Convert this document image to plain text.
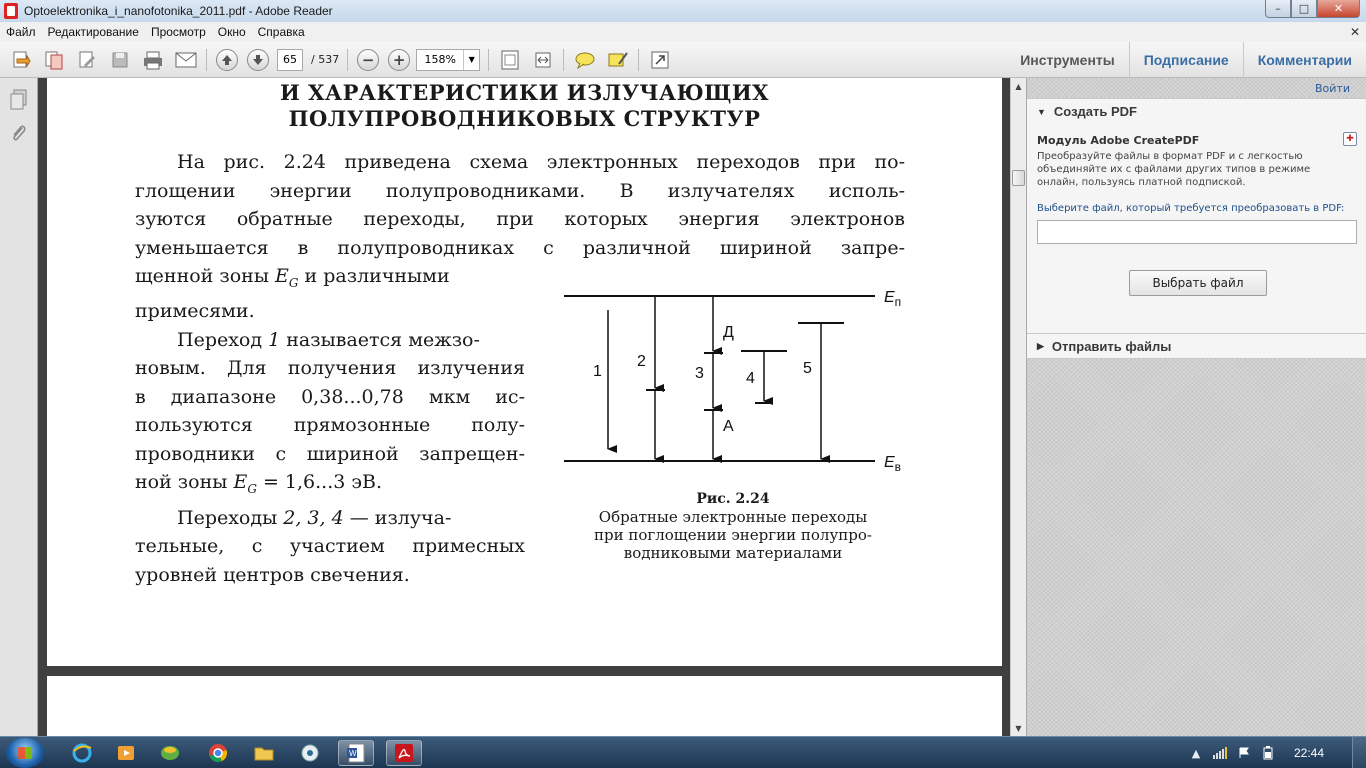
Optoelektronika_i_nanofotonika_2011.pdf - Adobe Reader	–	□	✕
Файл	Редактирование	Просмотр	Окно	Справка	✕
65	/ 537	−	+	158%	▼	Инструменты	Подписание	Комментарии
И ХАРАКТЕРИСТИКИ ИЗЛУЧАЮЩИХ
ПОЛУПРОВОДНИКОВЫХ СТРУКТУР
На рис. 2.24 приведена схема электронных переходов при по-
глощении энергии полупроводниками. В излучателях исполь-
зуются обратные переходы, при которых энергия электронов
уменьшается в полупроводниках с различной шириной запре-
щенной зоны $E_G$ и различными
примесями.
Переход 1 называется межзо-
новым. Для получения излучения
в диапазоне 0,38...0,78 мкм ис-
пользуются прямозонные полу-
проводники с шириной запрещен-
ной зоны $E_G = 1,6...3$ эВ.
Переходы 2, 3, 4 — излуча-
тельные, с участием примесных
уровней центров свечения.
1
2
3	4
5
Д
А
$E_п$
$E_в$
Рис. 2.24
Обратные электронные переходы
при поглощении энергии полупро-
водниковыми материалами
▲
▼
Войти
▼ Создать PDF
Модуль Adobe CreatePDF	✚
Преобразуйте файлы в формат PDF и с легкостью объединяйте их с файлами других типов в режиме онлайн, пользуясь платной подпиской.
Выберите файл, который требуется преобразовать в PDF:
Выбрать файл
▶ Отправить файлы
W	▲	22:44
